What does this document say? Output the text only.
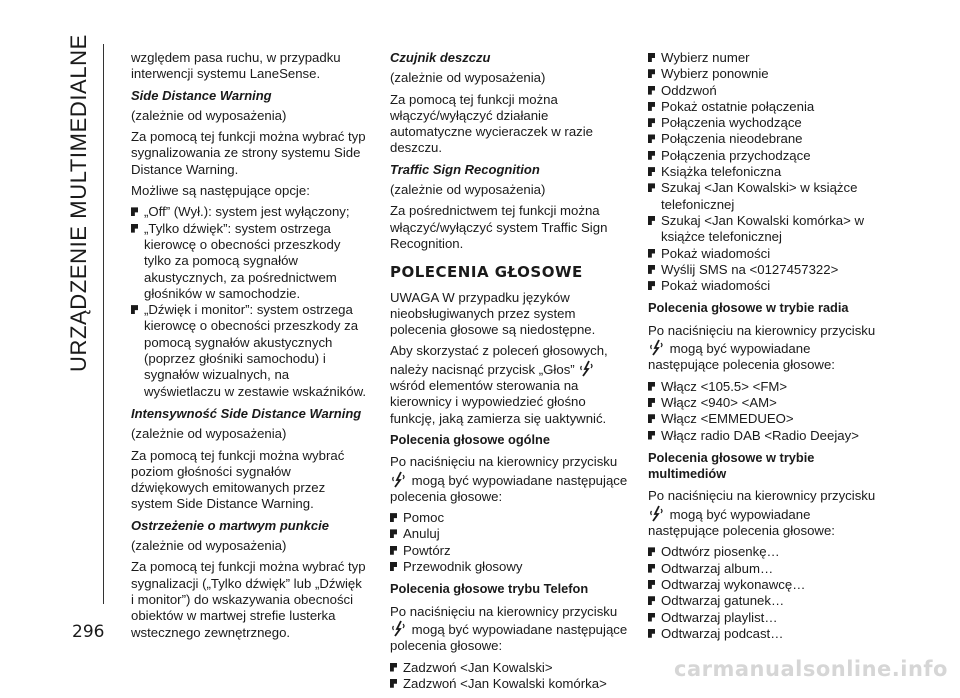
URZĄDZENIE MULTIMEDIALNE
296

względem pasa ruchu, w przypadku interwencji systemu LaneSense.

Side Distance Warning

(zależnie od wyposażenia)

Za pomocą tej funkcji można wybrać typ sygnalizowania ze strony systemu Side Distance Warning.

Możliwe są następujące opcje:

„Off” (Wył.): system jest wyłączony;
„Tylko dźwięk”: system ostrzega kierowcę o obecności przeszkody tylko za pomocą sygnałów akustycznych, za pośrednictwem głośników w samochodzie.
„Dźwięk i monitor”: system ostrzega kierowcę o obecności przeszkody za pomocą sygnałów akustycznych (poprzez głośniki samochodu) i sygnałów wizualnych, na wyświetlaczu w zestawie wskaźników.
Intensywność Side Distance Warning

(zależnie od wyposażenia)

Za pomocą tej funkcji można wybrać poziom głośności sygnałów dźwiękowych emitowanych przez system Side Distance Warning.

Ostrzeżenie o martwym punkcie

(zależnie od wyposażenia)

Za pomocą tej funkcji można wybrać typ sygnalizacji („Tylko dźwięk” lub „Dźwięk i monitor”) do wskazywania obecności obiektów w martwej strefie lusterka wstecznego zewnętrznego.

Czujnik deszczu

(zależnie od wyposażenia)

Za pomocą tej funkcji można włączyć/wyłączyć działanie automatyczne wycieraczek w razie deszczu.

Traffic Sign Recognition

(zależnie od wyposażenia)

Za pośrednictwem tej funkcji można włączyć/wyłączyć system Traffic Sign Recognition.

POLECENIA GŁOSOWE

UWAGA W przypadku języków nieobsługiwanych przez system polecenia głosowe są niedostępne.

Aby skorzystać z poleceń głosowych, należy nacisnąć przycisk „Głos”
wśród elementów sterowania na kierownicy i wypowiedzieć głośno funkcję, jaką zamierza się uaktywnić.

Polecenia głosowe ogólne

Po naciśnięciu na kierownicy przycisku

mogą być wypowiadane następujące polecenia głosowe:

Pomoc
Anuluj
Powtórz
Przewodnik głosowy
Polecenia głosowe trybu Telefon

Po naciśnięciu na kierownicy przycisku

mogą być wypowiadane następujące polecenia głosowe:

Zadzwoń <Jan Kowalski>
Zadzwoń <Jan Kowalski komórka>
Wybierz numer
Wybierz ponownie
Oddzwoń
Pokaż ostatnie połączenia
Połączenia wychodzące
Połączenia nieodebrane
Połączenia przychodzące
Książka telefoniczna
Szukaj <Jan Kowalski> w książce telefonicznej
Szukaj <Jan Kowalski komórka> w książce telefonicznej
Pokaż wiadomości
Wyślij SMS na <0127457322>
Pokaż wiadomości
Polecenia głosowe w trybie radia

Po naciśnięciu na kierownicy przycisku

mogą być wypowiadane następujące polecenia głosowe:

Włącz <105.5> <FM>
Włącz <940> <AM>
Włącz <EMMEDUEO>
Włącz radio DAB <Radio Deejay>
Polecenia głosowe w trybie multimediów

Po naciśnięciu na kierownicy przycisku

mogą być wypowiadane następujące polecenia głosowe:

Odtwórz piosenkę…
Odtwarzaj album…
Odtwarzaj wykonawcę…
Odtwarzaj gatunek…
Odtwarzaj playlist…
Odtwarzaj podcast…
carmanualsonline.info
